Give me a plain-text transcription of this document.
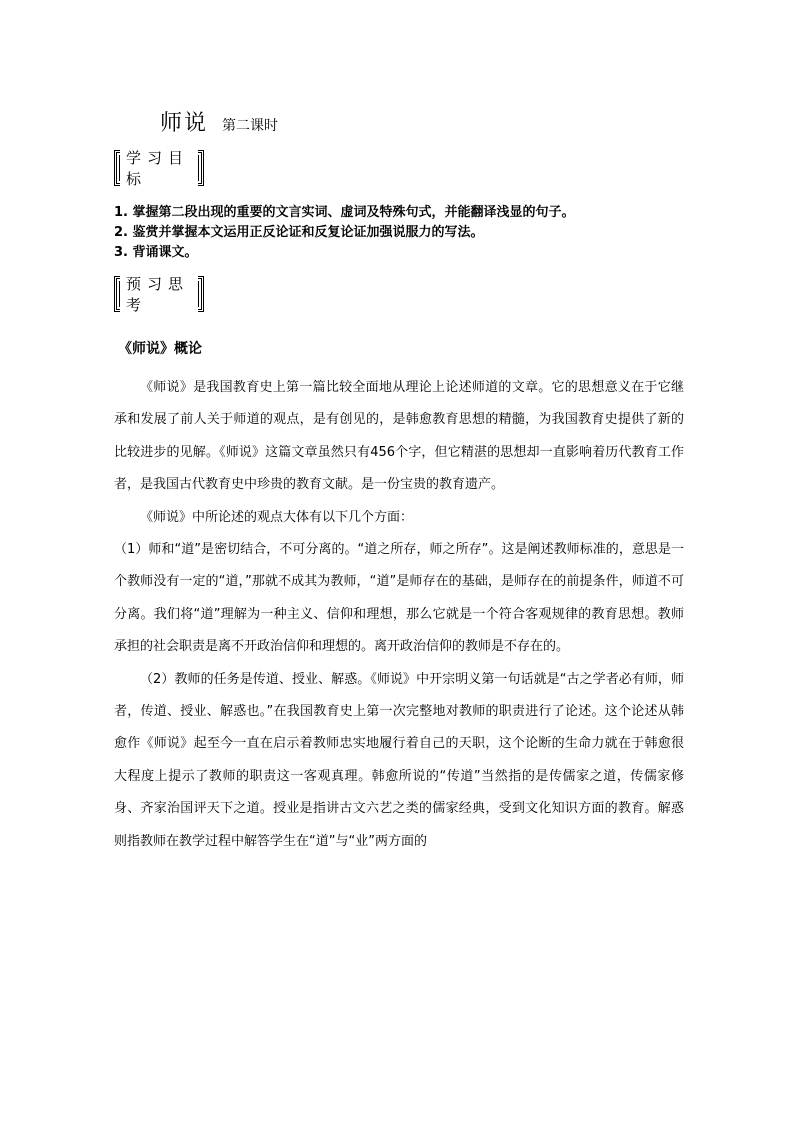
师说 第二课时
学习目标
1. 掌握第二段出现的重要的文言实词、虚词及特殊句式，并能翻译浅显的句子。
2. 鉴赏并掌握本文运用正反论证和反复论证加强说服力的写法。
3. 背诵课文。
预习思考
《师说》概论

《师说》是我国教育史上第一篇比较全面地从理论上论述师道的文章。它的思想意义在于它继承和发展了前人关于师道的观点，是有创见的，是韩愈教育思想的精髓，为我国教育史提供了新的比较进步的见解。《师说》这篇文章虽然只有456个字，但它精湛的思想却一直影响着历代教育工作者，是我国古代教育史中珍贵的教育文献。是一份宝贵的教育遗产。

《师说》中所论述的观点大体有以下几个方面：

（1）师和“道”是密切结合，不可分离的。“道之所存，师之所存”。这是阐述教师标准的，意思是一个教师没有一定的“道，”那就不成其为教师，“道”是师存在的基础，是师存在的前提条件，师道不可分离。我们将“道”理解为一种主义、信仰和理想，那么它就是一个符合客观规律的教育思想。教师承担的社会职责是离不开政治信仰和理想的。离开政治信仰的教师是不存在的。

（2）教师的任务是传道、授业、解惑。《师说》中开宗明义第一句话就是“古之学者必有师，师者，传道、授业、解惑也。”在我国教育史上第一次完整地对教师的职责进行了论述。这个论述从韩愈作《师说》起至今一直在启示着教师忠实地履行着自己的天职，这个论断的生命力就在于韩愈很大程度上提示了教师的职责这一客观真理。韩愈所说的“传道”当然指的是传儒家之道，传儒家修身、齐家治国评天下之道。授业是指讲古文六艺之类的儒家经典，受到文化知识方面的教育。解惑则指教师在教学过程中解答学生在“道”与“业”两方面的
